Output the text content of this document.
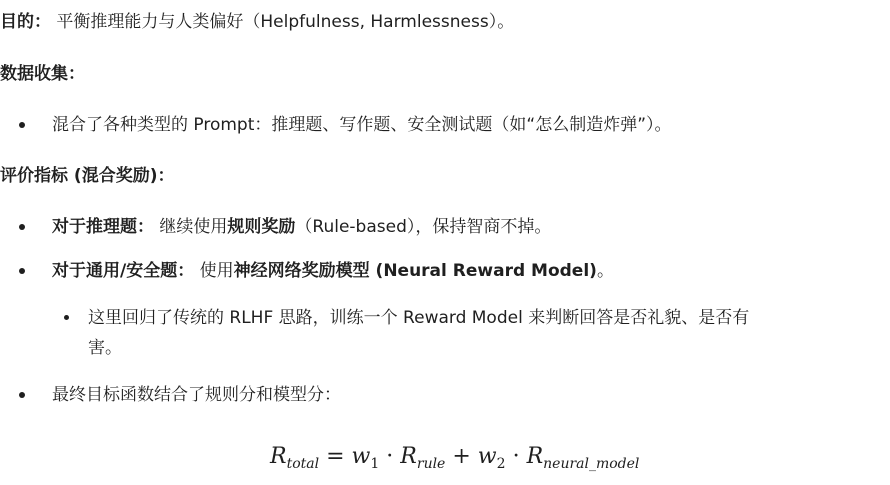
目的： 平衡推理能力与人类偏好（Helpfulness, Harmlessness）。
数据收集：
混合了各种类型的 Prompt：推理题、写作题、安全测试题（如“怎么制造炸弹”）。
评价指标 (混合奖励)：
对于推理题： 继续使用规则奖励（Rule-based），保持智商不掉。
对于通用/安全题： 使用神经网络奖励模型 (Neural Reward Model)。
这里回归了传统的 RLHF 思路，训练一个 Reward Model 来判断回答是否礼貌、是否有
害。
最终目标函数结合了规则分和模型分：
$R_{total} = w_1 \cdot R_{rule} + w_2 \cdot R_{neural\_model}$
